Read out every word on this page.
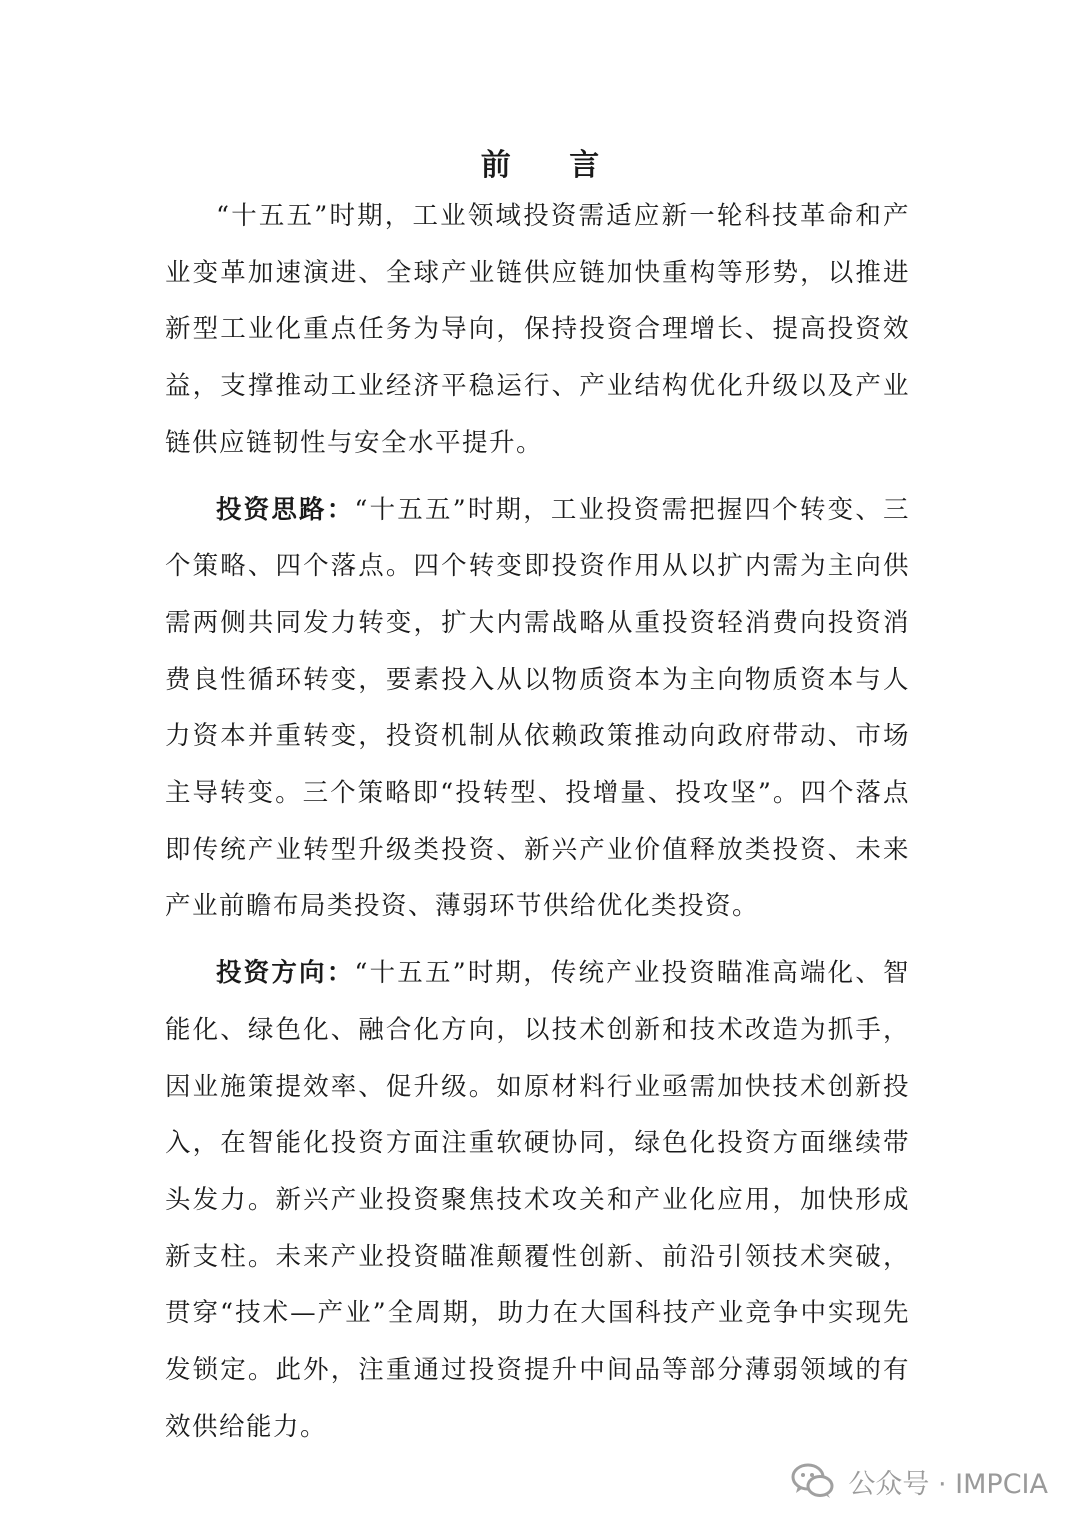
前 言

“十五五”时期，工业领域投资需适应新一轮科技革命和产业变革加速演进、全球产业链供应链加快重构等形势，以推进新型工业化重点任务为导向，保持投资合理增长、提高投资效益，支撑推动工业经济平稳运行、产业结构优化升级以及产业链供应链韧性与安全水平提升。

投资思路：“十五五”时期，工业投资需把握四个转变、三个策略、四个落点。四个转变即投资作用从以扩内需为主向供需两侧共同发力转变，扩大内需战略从重投资轻消费向投资消费良性循环转变，要素投入从以物质资本为主向物质资本与人力资本并重转变，投资机制从依赖政策推动向政府带动、市场主导转变。三个策略即“投转型、投增量、投攻坚”。四个落点即传统产业转型升级类投资、新兴产业价值释放类投资、未来产业前瞻布局类投资、薄弱环节供给优化类投资。

投资方向：“十五五”时期，传统产业投资瞄准高端化、智能化、绿色化、融合化方向，以技术创新和技术改造为抓手，因业施策提效率、促升级。如原材料行业亟需加快技术创新投入，在智能化投资方面注重软硬协同，绿色化投资方面继续带头发力。新兴产业投资聚焦技术攻关和产业化应用，加快形成新支柱。未来产业投资瞄准颠覆性创新、前沿引领技术突破，贯穿“技术—产业”全周期，助力在大国科技产业竞争中实现先发锁定。此外，注重通过投资提升中间品等部分薄弱领域的有效供给能力。

公众号 · IMPCIA
